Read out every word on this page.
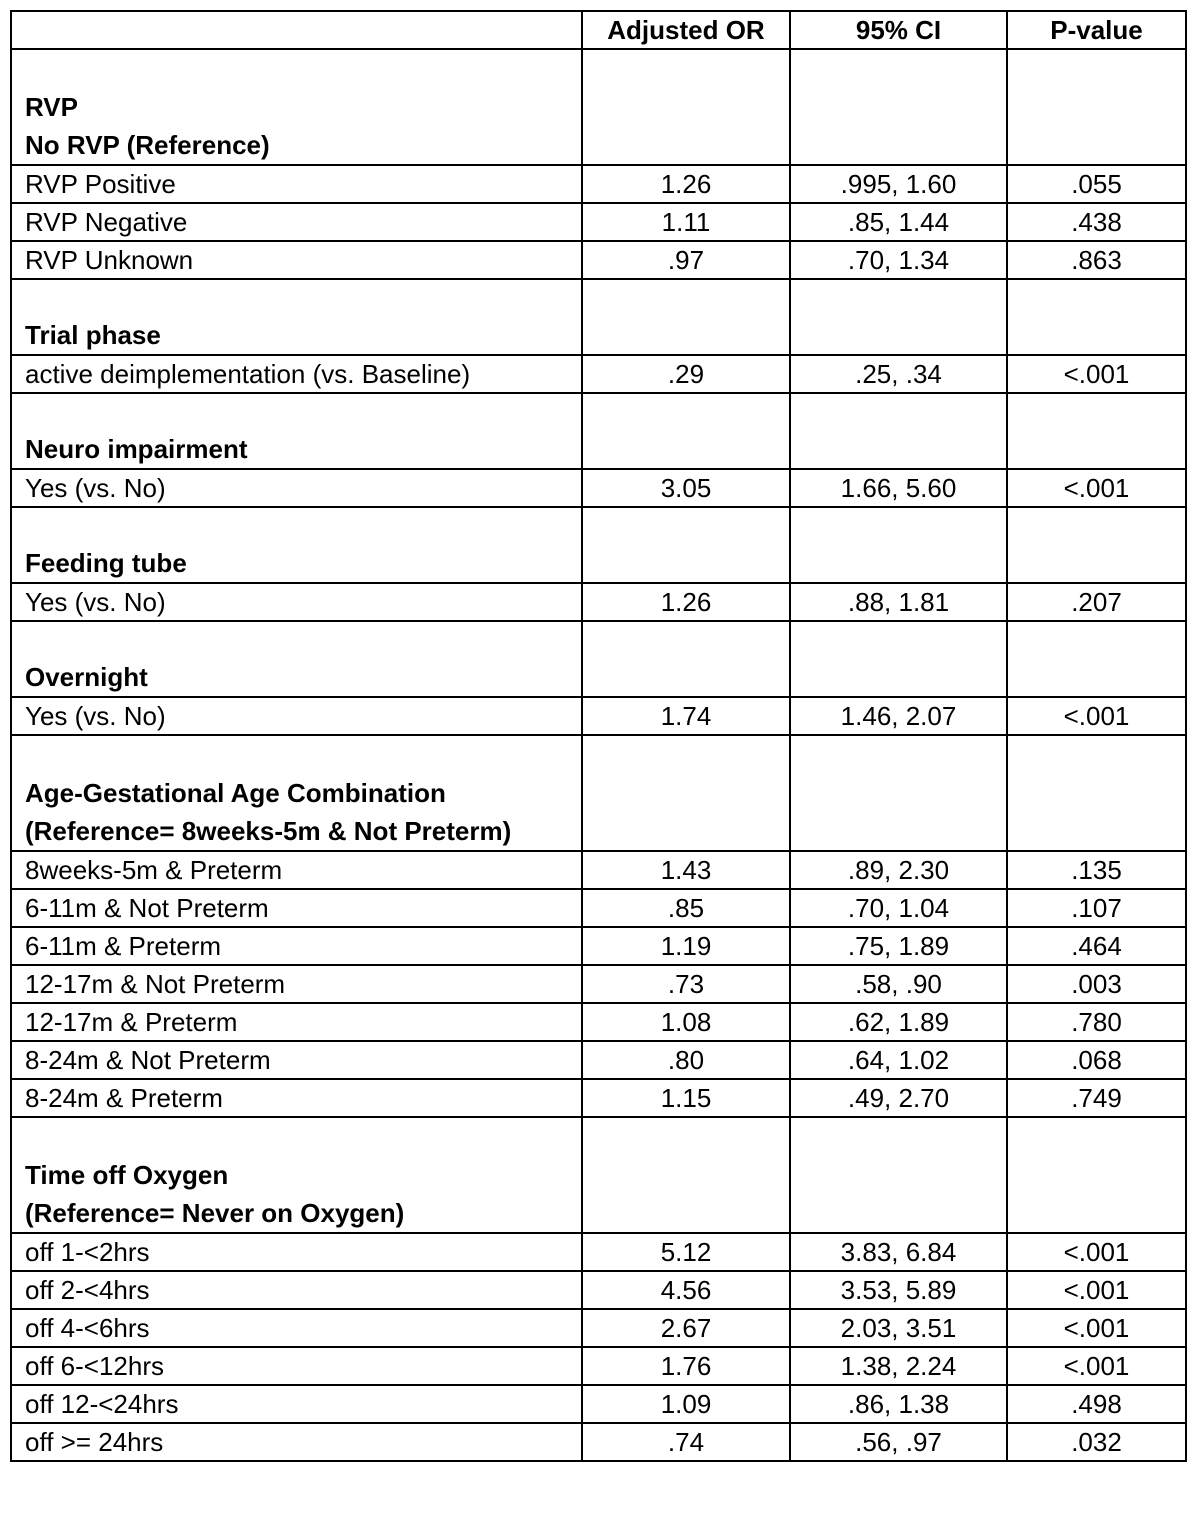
	Adjusted OR	95% CI	P-value

RVP
No RVP (Reference)			

RVP Positive	1.26	.995, 1.60	.055
RVP Negative	1.11	.85, 1.44	.438
RVP Unknown	.97	.70, 1.34	.863

Trial phase			

active deimplementation (vs. Baseline)	.29	.25, .34	<.001

Neuro impairment			

Yes (vs. No)	3.05	1.66, 5.60	<.001

Feeding tube			

Yes (vs. No)	1.26	.88, 1.81	.207

Overnight			

Yes (vs. No)	1.74	1.46, 2.07	<.001

Age-Gestational Age Combination
(Reference= 8weeks-5m & Not Preterm)			

8weeks-5m & Preterm	1.43	.89, 2.30	.135
6-11m & Not Preterm	.85	.70, 1.04	.107
6-11m & Preterm	1.19	.75, 1.89	.464
12-17m & Not Preterm	.73	.58, .90	.003
12-17m & Preterm	1.08	.62, 1.89	.780
8-24m & Not Preterm	.80	.64, 1.02	.068
8-24m & Preterm	1.15	.49, 2.70	.749

Time off Oxygen
(Reference= Never on Oxygen)			

off 1-<2hrs	5.12	3.83, 6.84	<.001
off 2-<4hrs	4.56	3.53, 5.89	<.001
off 4-<6hrs	2.67	2.03, 3.51	<.001
off 6-<12hrs	1.76	1.38, 2.24	<.001
off 12-<24hrs	1.09	.86, 1.38	.498
off >= 24hrs	.74	.56, .97	.032
